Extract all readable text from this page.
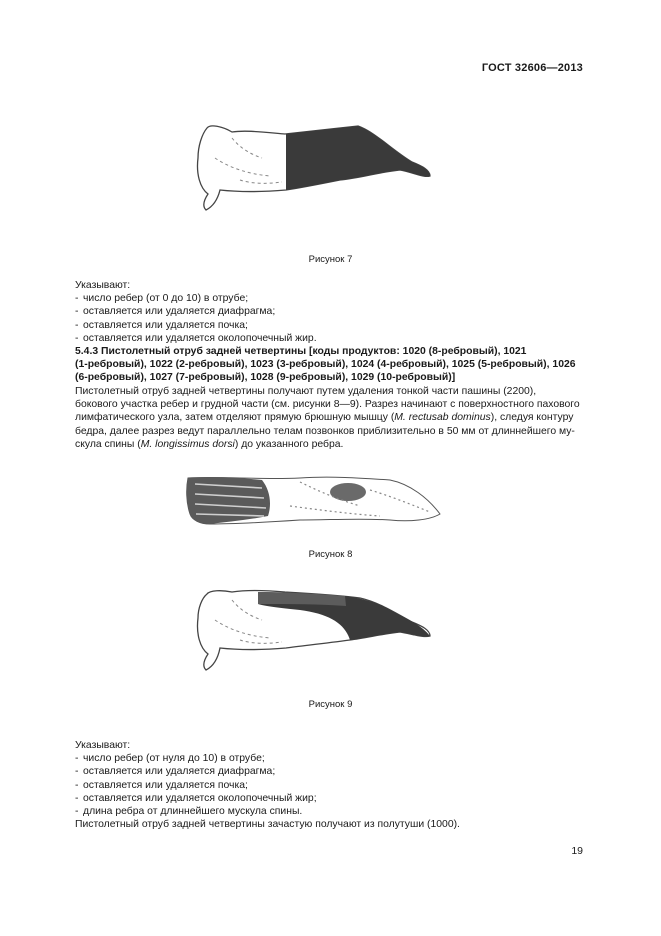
ГОСТ 32606—2013
Рисунок 7

Указывают:

- число ребер (от 0 до 10) в отрубе;

- оставляется или удаляется диафрагма;

- оставляется или удаляется почка;

- оставляется или удаляется околопочечный жир.

5.4.3 Пистолетный отруб задней четвертины [коды продуктов: 1020 (8-ребровый), 1021

(1-ребровый), 1022 (2-ребровый), 1023 (3-ребровый), 1024 (4-ребровый), 1025 (5-ребровый), 1026

(6-ребровый), 1027 (7-ребровый), 1028 (9-ребровый), 1029 (10-ребровый)]

Пистолетный отруб задней четвертины получают путем удаления тонкой части пашины (2200),

бокового участка ребер и грудной части (см. рисунки 8—9). Разрез начинают с поверхностного пахового

лимфатического узла, затем отделяют прямую брюшную мышцу (M. rectusab dominus), следуя контуру

бедра, далее разрез ведут параллельно телам позвонков приблизительно в 50 мм от длиннейшего му-

скула спины (M. longissimus dorsi) до указанного ребра.

Рисунок 8
Рисунок 9

Указывают:

- число ребер (от нуля до 10) в отрубе;

- оставляется или удаляется диафрагма;

- оставляется или удаляется почка;

- оставляется или удаляется околопочечный жир;

- длина ребра от длиннейшего мускула спины.

Пистолетный отруб задней четвертины зачастую получают из полутуши (1000).

19
